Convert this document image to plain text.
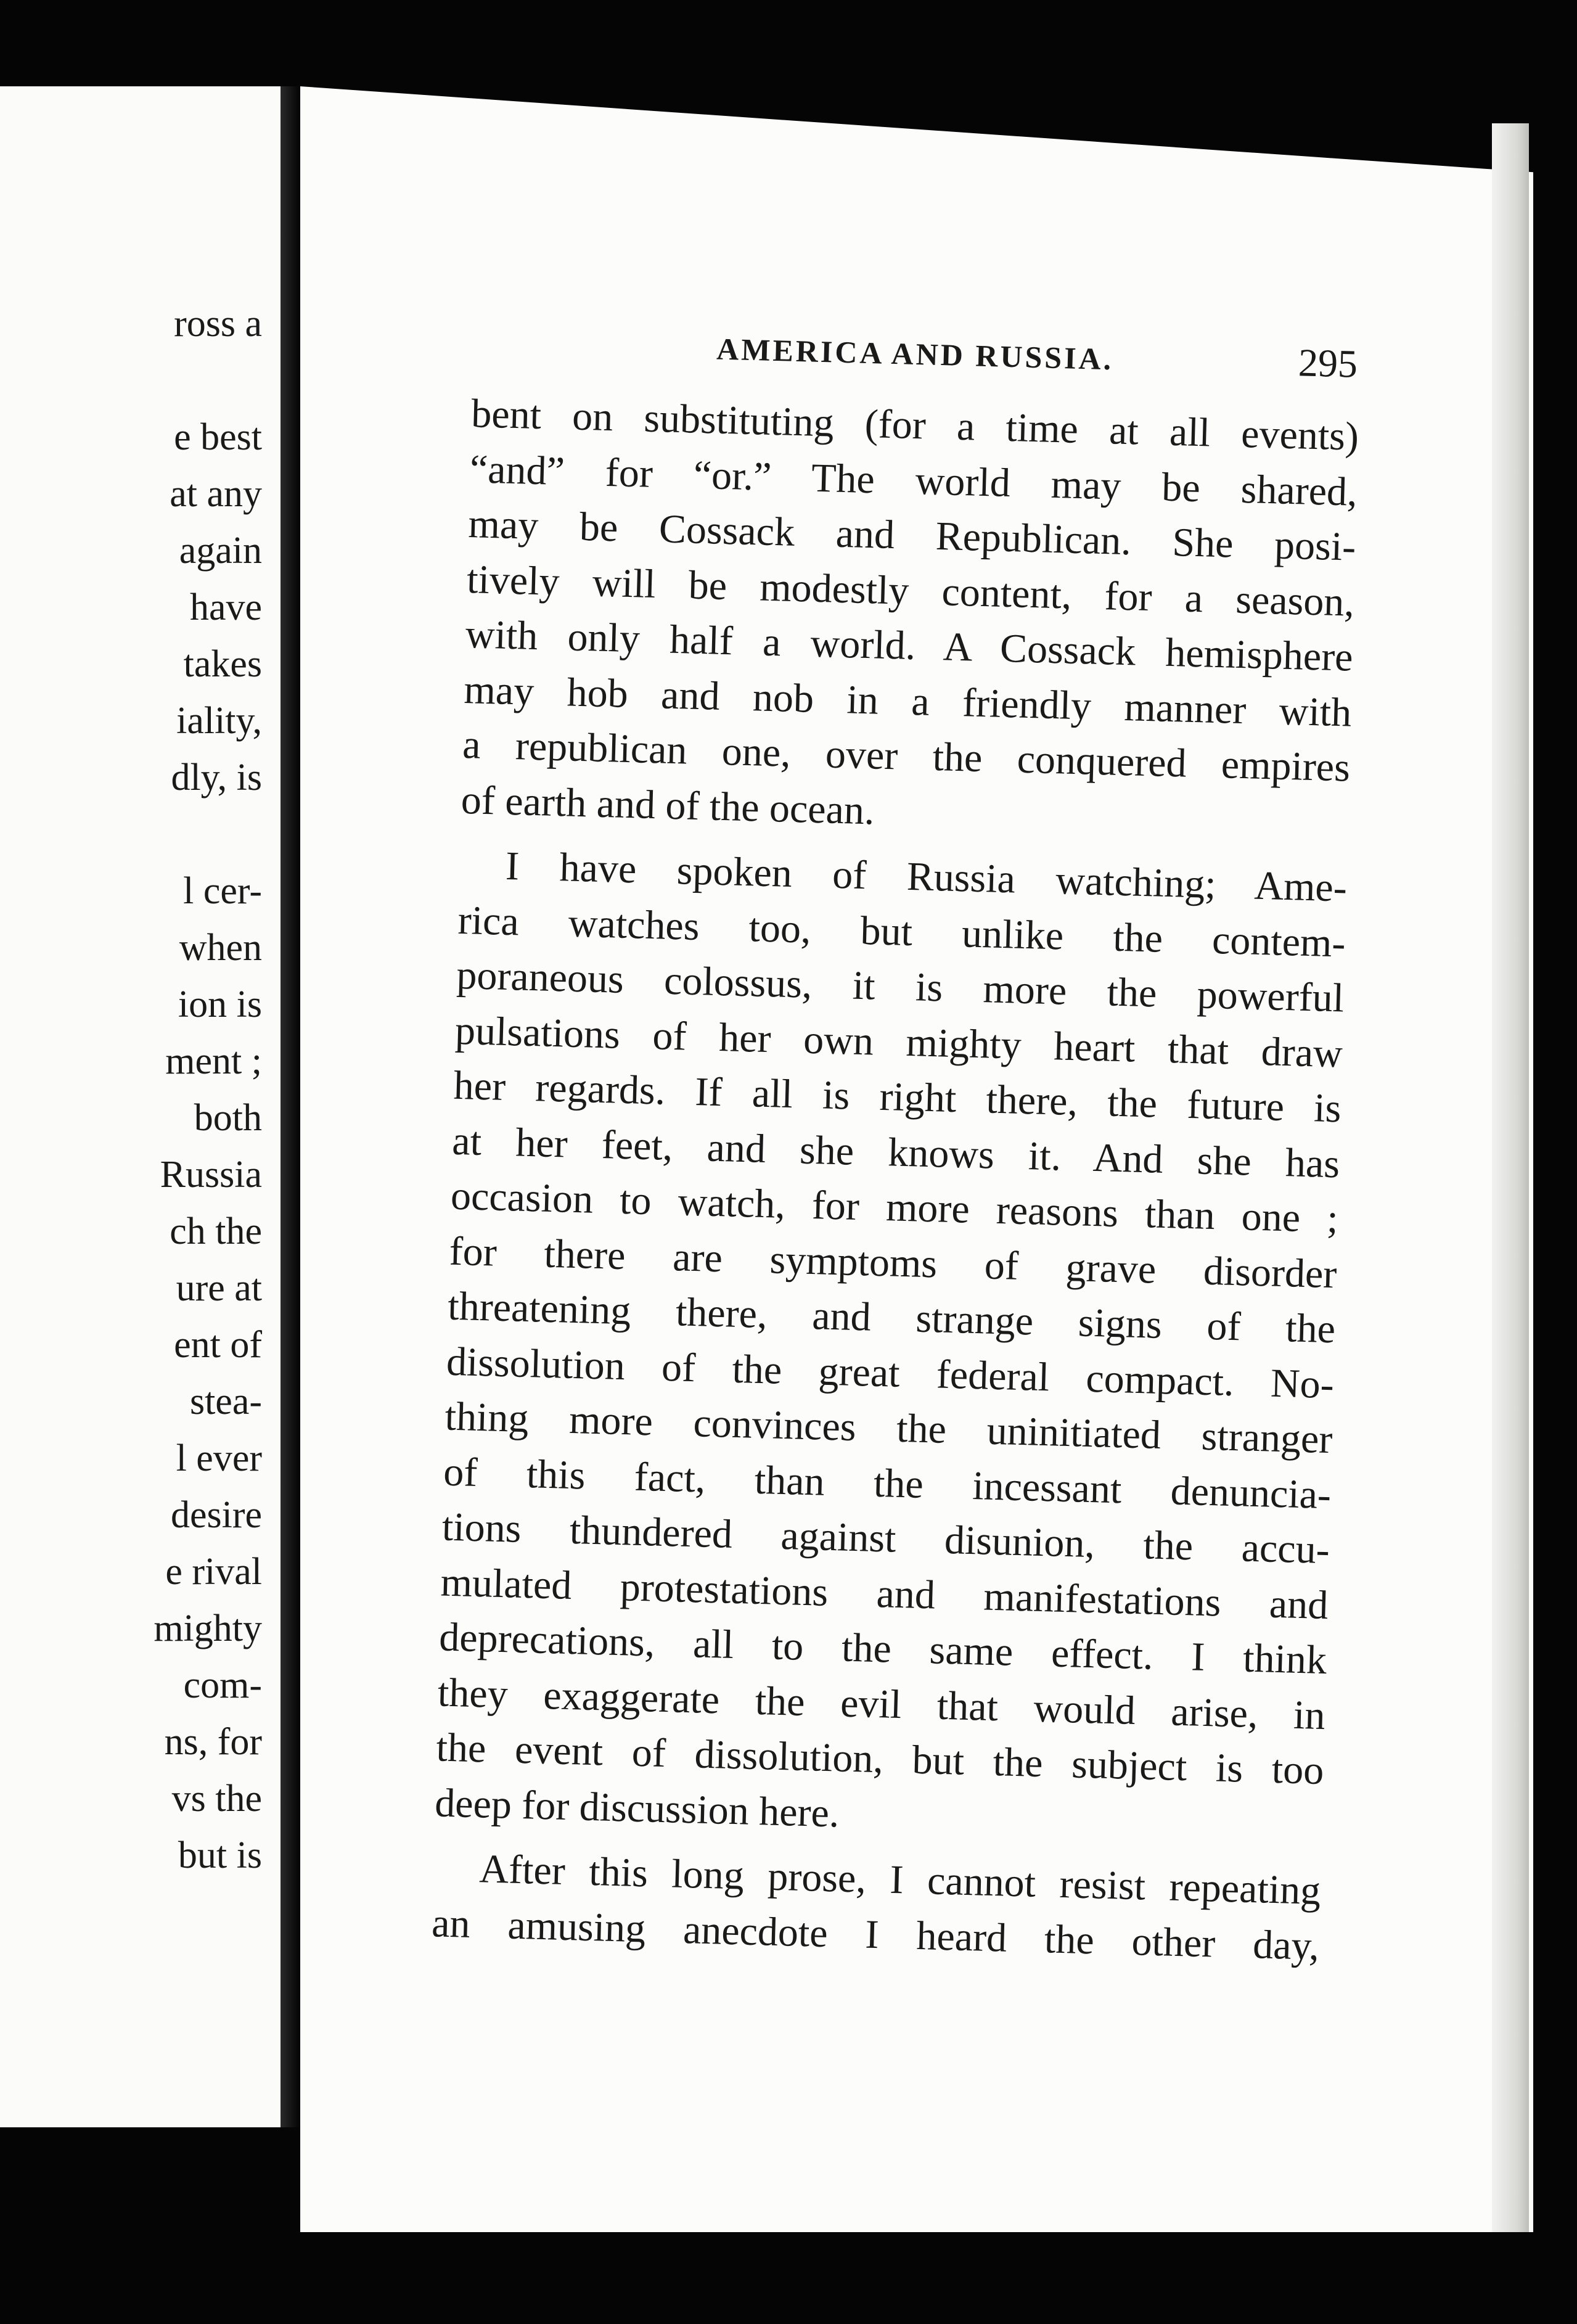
ross a
e best
at any
again
have
takes
iality,
dly, is
l cer-
when
ion is
ment ;
both
Russia
ch the
ure at
ent of
stea-
l ever
desire
e rival
mighty
com-
ns, for
vs the
but is
AMERICA AND RUSSIA.	295
bent on substituting (for a time at all events)
“and” for “or.” The world may be shared,
may be Cossack and Republican. She posi-
tively will be modestly content, for a season,
with only half a world. A Cossack hemisphere
may hob and nob in a friendly manner with
a republican one, over the conquered empires
of earth and of the ocean.
I have spoken of Russia watching; Ame-
rica watches too, but unlike the contem-
poraneous colossus, it is more the powerful
pulsations of her own mighty heart that draw
her regards. If all is right there, the future is
at her feet, and she knows it. And she has
occasion to watch, for more reasons than one ;
for there are symptoms of grave disorder
threatening there, and strange signs of the
dissolution of the great federal compact. No-
thing more convinces the uninitiated stranger
of this fact, than the incessant denuncia-
tions thundered against disunion, the accu-
mulated protestations and manifestations and
deprecations, all to the same effect. I think
they exaggerate the evil that would arise, in
the event of dissolution, but the subject is too
deep for discussion here.
After this long prose, I cannot resist repeating
an amusing anecdote I heard the other day,
